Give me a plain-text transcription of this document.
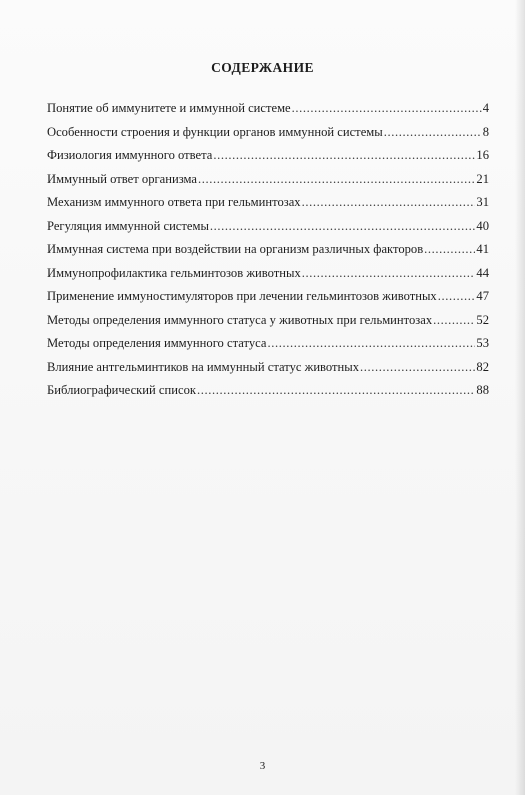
СОДЕРЖАНИЕ
Понятие об иммунитете и иммунной системе .....	4
Особенности строения и функции органов иммунной системы .....	8
Физиология иммунного ответа .....	16
Иммунный ответ организма .....	21
Механизм иммунного ответа при гельминтозах .....	31
Регуляция иммунной системы .....	40
Иммунная система при воздействии на организм различных факторов .....	41
Иммунопрофилактика гельминтозов животных .....	44
Применение иммуностимуляторов при лечении гельминтозов животных .....	47
Методы определения иммунного статуса у животных при гельминтозах .....	52
Методы определения иммунного статуса .....	53
Влияние антгельминтиков на иммунный статус животных .....	82
Библиографический список .....	88
3
